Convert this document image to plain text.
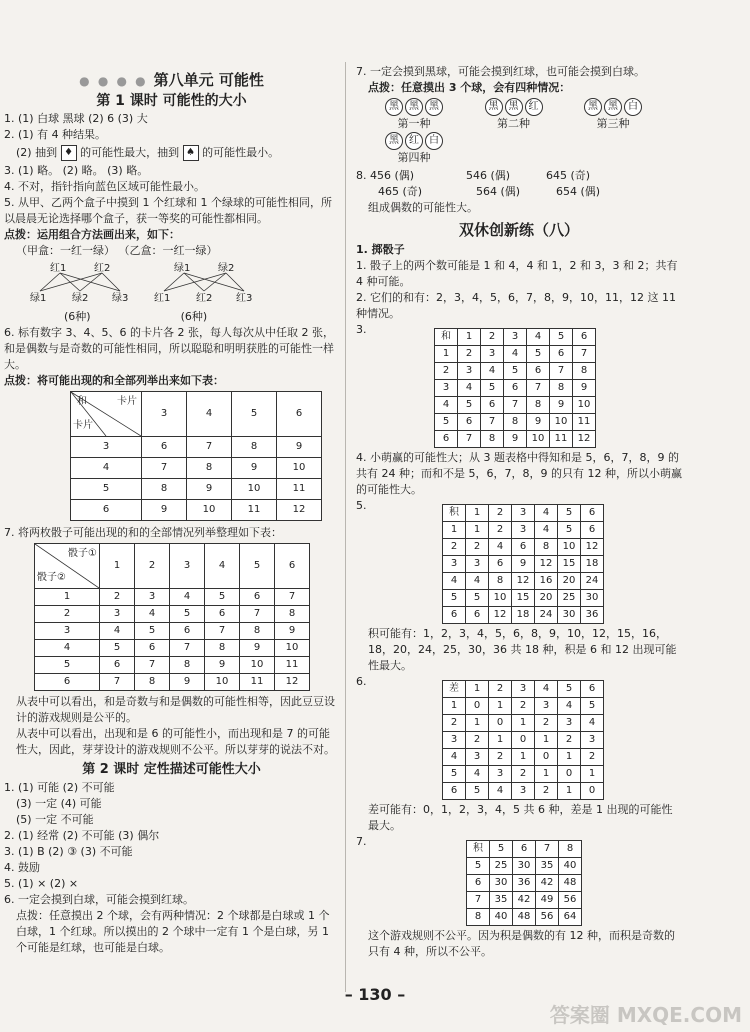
● ● ● ● 第八单元 可能性
第 1 课时 可能性的大小
1. (1) 白球 黑球 (2) 6 (3) 大
2. (1) 有 4 种结果。
(2) 抽到 ♦ 的可能性最大，抽到 ♠ 的可能性最小。
3. (1) 略。 (2) 略。 (3) 略。
4. 不对，指针指向蓝色区域可能性最小。
5. 从甲、乙两个盒子中摸到 1 个红球和 1 个绿球的可能性相同，所以晨晨无论选择哪个盒子，获一等奖的可能性都相同。
点拨：运用组合方法画出来，如下：
（甲盒：一红一绿） （乙盒：一红一绿）
红1	红2
绿1	绿2 绿3
绿1	绿2
红1	红2 红3
(6种)	(6种)
6. 标有数字 3、4、5、6 的卡片各 2 张，每人每次从中任取 2 张，和是偶数与是奇数的可能性相同，所以聪聪和明明获胜的可能性一样大。
点拨：将可能出现的和全部列举出来如下表：
和 卡片
卡片	3	4	5	6
3	6	7	8	9
4	7	8	9	10
5	8	9	10	11
6	9	10	11	12
7. 将两枚骰子可能出现的和的全部情况列举整理如下表：
骰子①
骰子②	1	2	3	4	5	6
1	2	3	4	5	6	7
2	3	4	5	6	7	8
3	4	5	6	7	8	9
4	5	6	7	8	9	10
5	6	7	8	9	10	11
6	7	8	9	10	11	12
从表中可以看出，和是奇数与和是偶数的可能性相等，因此豆豆设计的游戏规则是公平的。
从表中可以看出，出现和是 6 的可能性小，而出现和是 7 的可能性大，因此，芽芽设计的游戏规则不公平。所以芽芽的说法不对。
第 2 课时 定性描述可能性大小
1. (1) 可能 (2) 不可能
(3) 一定 (4) 可能
(5) 一定 不可能
2. (1) 经常 (2) 不可能 (3) 偶尔
3. (1) B (2) ③ (3) 不可能
4. 鼓励
5. (1) × (2) ×
6. 一定会摸到白球，可能会摸到红球。
点拨：任意摸出 2 个球，会有两种情况：2 个球都是白球或 1 个白球，1 个红球。所以摸出的 2 个球中一定有 1 个是白球，另 1 个可能是红球，也可能是白球。
7. 一定会摸到黑球，可能会摸到红球，也可能会摸到白球。
点拨：任意摸出 3 个球，会有四种情况：
黑 黑 黑
第一种
黑 黑 红
第二种
黑 黑 白
第三种
黑 红 白
第四种
8. 456 (偶)	546 (偶)	645 (奇)
465 (奇)	564 (偶)	654 (偶)
组成偶数的可能性大。
双休创新练（八）
1. 掷骰子
1. 骰子上的两个数可能是 1 和 4，4 和 1，2 和 3，3 和 2；共有 4 种可能。
2. 它们的和有：2，3，4，5，6，7，8，9，10，11，12 这 11 种情况。
3.
和	1	2	3	4	5	6
1	2	3	4	5	6	7
2	3	4	5	6	7	8
3	4	5	6	7	8	9
4	5	6	7	8	9	10
5	6	7	8	9	10	11
6	7	8	9	10	11	12
4. 小萌赢的可能性大；从 3 题表格中得知和是 5，6，7，8，9 的共有 24 种；而和不是 5，6，7，8，9 的只有 12 种，所以小萌赢的可能性大。
5.
积	1	2	3	4	5	6
1	1	2	3	4	5	6
2	2	4	6	8	10	12
3	3	6	9	12	15	18
4	4	8	12	16	20	24
5	5	10	15	20	25	30
6	6	12	18	24	30	36
积可能有：1，2，3，4，5，6，8，9，10，12，15，16，18，20，24，25，30，36 共 18 种，积是 6 和 12 出现可能性最大。
6.
差	1	2	3	4	5	6
1	0	1	2	3	4	5
2	1	0	1	2	3	4
3	2	1	0	1	2	3
4	3	2	1	0	1	2
5	4	3	2	1	0	1
6	5	4	3	2	1	0
差可能有：0，1，2，3，4，5 共 6 种，差是 1 出现的可能性最大。
7.
积	5	6	7	8
5	25	30	35	40
6	30	36	42	48
7	35	42	49	56
8	40	48	56	64
这个游戏规则不公平。因为积是偶数的有 12 种，而积是奇数的只有 4 种，所以不公平。
– 130 –
答案圈 MXQE.COM
